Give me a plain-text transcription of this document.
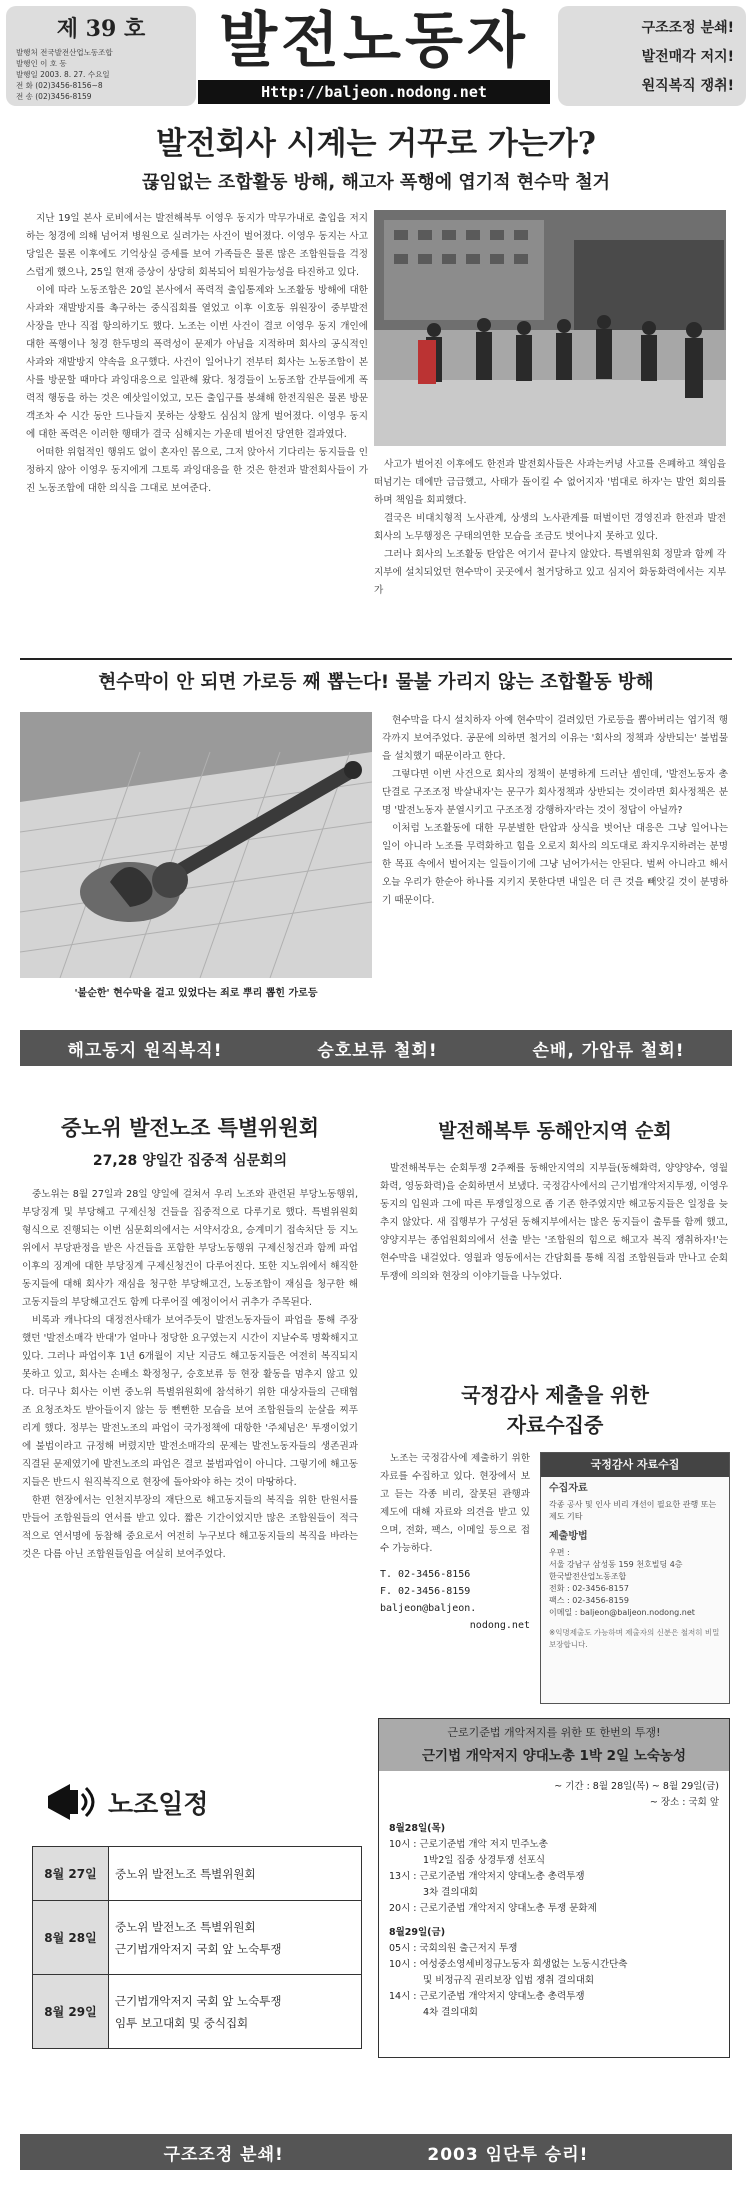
제 39 호
발행처 전국발전산업노동조합
발행인 이 호 동
발행일 2003. 8. 27. 수요일
전 화 (02)3456-8156~8
전 송 (02)3456-8159
발전노동자
Http://baljeon.nodong.net
구조조정 분쇄!
발전매각 저지!
원직복직 쟁취!
발전회사 시계는 거꾸로 가는가?
끊임없는 조합활동 방해, 해고자 폭행에 엽기적 현수막 철거

지난 19일 본사 로비에서는 발전해복투 이영우 동지가 막무가내로 출입을 저지하는 청경에 의해 넘어져 병원으로 실려가는 사건이 벌어졌다. 이영우 동지는 사고 당일은 물론 이후에도 기억상실 증세를 보여 가족들은 물론 많은 조합원들을 걱정스럽게 했으나, 25일 현재 증상이 상당히 회복되어 퇴원가능성을 타진하고 있다.

이에 따라 노동조합은 20일 본사에서 폭력적 출입통제와 노조활동 방해에 대한 사과와 재발방지를 촉구하는 중식집회를 열었고 이후 이호동 위원장이 중부발전 사장을 만나 직접 항의하기도 했다. 노조는 이번 사건이 결코 이영우 동지 개인에 대한 폭행이나 청경 한두명의 폭력성이 문제가 아님을 지적하며 회사의 공식적인 사과와 재발방지 약속을 요구했다. 사건이 일어나기 전부터 회사는 노동조합이 본사를 방문할 때마다 과잉대응으로 일관해 왔다. 청경들이 노동조합 간부들에게 폭력적 행동을 하는 것은 예삿일이었고, 모든 출입구를 봉쇄해 한전직원은 물론 방문객조차 수 시간 동안 드나들지 못하는 상황도 심심치 않게 벌어졌다. 이영우 동지에 대한 폭력은 이러한 행태가 결국 심해지는 가운데 벌어진 당연한 결과였다.

어떠한 위험적인 행위도 없이 혼자인 몸으로, 그저 앉아서 기다리는 동지들을 인정하지 않아 이영우 동지에게 그토록 과잉대응을 한 것은 한전과 발전회사들이 가진 노동조합에 대한 의식을 그대로 보여준다.

사고가 벌어진 이후에도 한전과 발전회사들은 사과는커녕 사고를 은폐하고 책임을 떠넘기는 데에만 급급했고, 사태가 돌이킬 수 없어지자 '법대로 하자'는 발언 회의를 하며 책임을 회피했다.

결국은 비대치형적 노사관계, 상생의 노사관계를 떠벌이던 경영진과 한전과 발전회사의 노무행정은 구태의연한 모습을 조금도 벗어나지 못하고 있다.

그러나 회사의 노조활동 탄압은 여기서 끝나지 않았다. 특별위원회 정말과 함께 각 지부에 설치되었던 현수막이 곳곳에서 철거당하고 있고 심지어 화동화력에서는 지부가

현수막이 안 되면 가로등 째 뽑는다! 물불 가리지 않는 조합활동 방해
'불순한' 현수막을 걸고 있었다는 죄로 뿌리 뽑힌 가로등

현수막을 다시 설치하자 아예 현수막이 걸려있던 가로등을 뽑아버리는 엽기적 행각까지 보여주었다. 공문에 의하면 철거의 이유는 '회사의 정책과 상반되는' 불법물을 설치했기 때문이라고 한다.

그렇다면 이번 사건으로 회사의 정책이 분명하게 드러난 셈인데, '발전노동자 총단결로 구조조정 박살내자'는 문구가 회사정책과 상반되는 것이라면 회사정책은 분명 '발전노동자 분열시키고 구조조정 강행하자'라는 것이 정답이 아닐까?

이처럼 노조활동에 대한 무분별한 탄압과 상식을 벗어난 대응은 그냥 일어나는 일이 아니라 노조를 무력화하고 힘을 오로지 회사의 의도대로 좌지우지하려는 분명한 목표 속에서 벌어지는 일들이기에 그냥 넘어가서는 안된다. 벌써 아니라고 해서 오늘 우리가 한순아 하나를 지키지 못한다면 내일은 더 큰 것을 빼앗길 것이 분명하기 때문이다.

해고동지 원직복직!	승호보류 철회!	손배, 가압류 철회!
중노위 발전노조 특별위원회
27,28 양일간 집중적 심문회의

중노위는 8월 27일과 28일 양일에 걸쳐서 우리 노조와 관련된 부당노동행위, 부당징계 및 부당해고 구제신청 건들을 집중적으로 다루기로 했다. 특별위원회 형식으로 진행되는 이번 심문회의에서는 서약서강요, 승계미기 접속처단 등 지노위에서 부당판정을 받은 사건들을 포함한 부당노동행위 구제신청건과 함께 파업 이후의 징계에 대한 부당징계 구제신청건이 다루어진다. 또한 지노위에서 해직한 동지들에 대해 회사가 재심을 청구한 부당해고건, 노동조합이 재심을 청구한 해고동지들의 부당해고건도 함께 다루어질 예정이어서 귀추가 주목된다.

비록과 캐나다의 대정전사태가 보여주듯이 발전노동자들이 파업을 통해 주장했던 '발전소매각 반대'가 얼마나 정당한 요구였는지 시간이 지날수록 명확해지고 있다. 그러나 파업이후 1년 6개월이 지난 지금도 해고동지들은 여전히 복직되지 못하고 있고, 회사는 손배소 확정청구, 승호보류 등 현장 활동을 멈추지 않고 있다. 더구나 회사는 이번 중노위 특별위원회에 참석하기 위한 대상자들의 근태협조 요청조차도 받아들이지 않는 등 뻔뻔한 모습을 보여 조합원들의 눈살을 찌푸리게 했다. 정부는 발전노조의 파업이 국가정책에 대항한 '주체넘은' 투쟁이었기에 불법이라고 규정해 버렸지만 발전소매각의 문제는 발전노동자들의 생존권과 직결된 문제였기에 발전노조의 파업은 결코 불법파업이 아니다. 그렇기에 해고동지들은 반드시 원직복직으로 현장에 돌아와야 하는 것이 마땅하다.

한편 현장에서는 인천지부장의 재단으로 해고동지들의 복직을 위한 탄원서를 만들어 조합원들의 연서를 받고 있다. 짧은 기간이었지만 많은 조합원들이 적극적으로 연서명에 동참해 중요로서 여전히 누구보다 해고동지들의 복직을 바라는 것은 다름 아닌 조합원들임을 여실히 보여주었다.

발전해복투 동해안지역 순회

발전해복투는 순회투쟁 2주째를 동해안지역의 지부들(동해화력, 양양양수, 영월화력, 영동화력)을 순회하면서 보냈다. 국정감사에서의 근기법개악저지투쟁, 이영우 동지의 입원과 그에 따른 투쟁일정으로 좀 기존 한주였지만 해고동지들은 일정을 늦추지 않았다. 새 집행부가 구성된 동해지부에서는 많은 동지들이 출투를 함께 했고, 양양지부는 종업원회의에서 선출 받는 '조합원의 힘으로 해고자 복직 쟁취하자!'는 현수막을 내걸었다. 영월과 영동에서는 간담회를 통해 직접 조합원들과 만나고 순회투쟁에 의의와 현장의 이야기들을 나누었다.

국정감사 제출을 위한
자료수집중

노조는 국정감사에 제출하기 위한 자료를 수집하고 있다. 현장에서 보고 듣는 각종 비리, 잘못된 관행과 제도에 대해 자료와 의견을 받고 있으며, 전화, 팩스, 이메일 등으로 접수 가능하다.

T. 02-3456-8156
F. 02-3456-8159
baljeon@baljeon.
nodong.net
국정감사 자료수집
수집자료
각종 공사 및 인사 비리 개선이 필요한 관행 또는 제도 기타
제출방법
우편 :
서울 강남구 삼성동 159 천호빌딩 4층
한국발전산업노동조합
전화 : 02-3456-8157
팩스 : 02-3456-8159
이메일 : baljeon@baljeon.nodong.net
※익명제출도 가능하며 제출자의 신분은 철저히 비밀 보장합니다.
노조일정
8월 27일	중노위 발전노조 특별위원회

8월 28일	중노위 발전노조 특별위원회
근기법개악저지 국회 앞 노숙투쟁

8월 29일	근기법개악저지 국회 앞 노숙투쟁
임투 보고대회 및 중식집회
근로기준법 개악저지를 위한 또 한번의 투쟁!
근기법 개악저지 양대노총 1박 2일 노숙농성
~ 기간 : 8월 28일(목) ~ 8월 29일(금)
~ 장소 : 국회 앞
8월28일(목)
10시 : 근로기준법 개악 저지 민주노총
1박2일 집중 상경투쟁 선포식
13시 : 근로기준법 개악저지 양대노총 총력투쟁
3차 결의대회
20시 : 근로기준법 개악저지 양대노총 투쟁 문화제
8월29일(금)
05시 : 국회의원 출근저지 투쟁
10시 : 여성중소영세비정규노동자 희생없는 노동시간단축
및 비정규직 권리보장 입법 쟁취 결의대회
14시 : 근로기준법 개악저지 양대노총 총력투쟁
4차 결의대회
구조조정 분쇄!	2003 임단투 승리!
